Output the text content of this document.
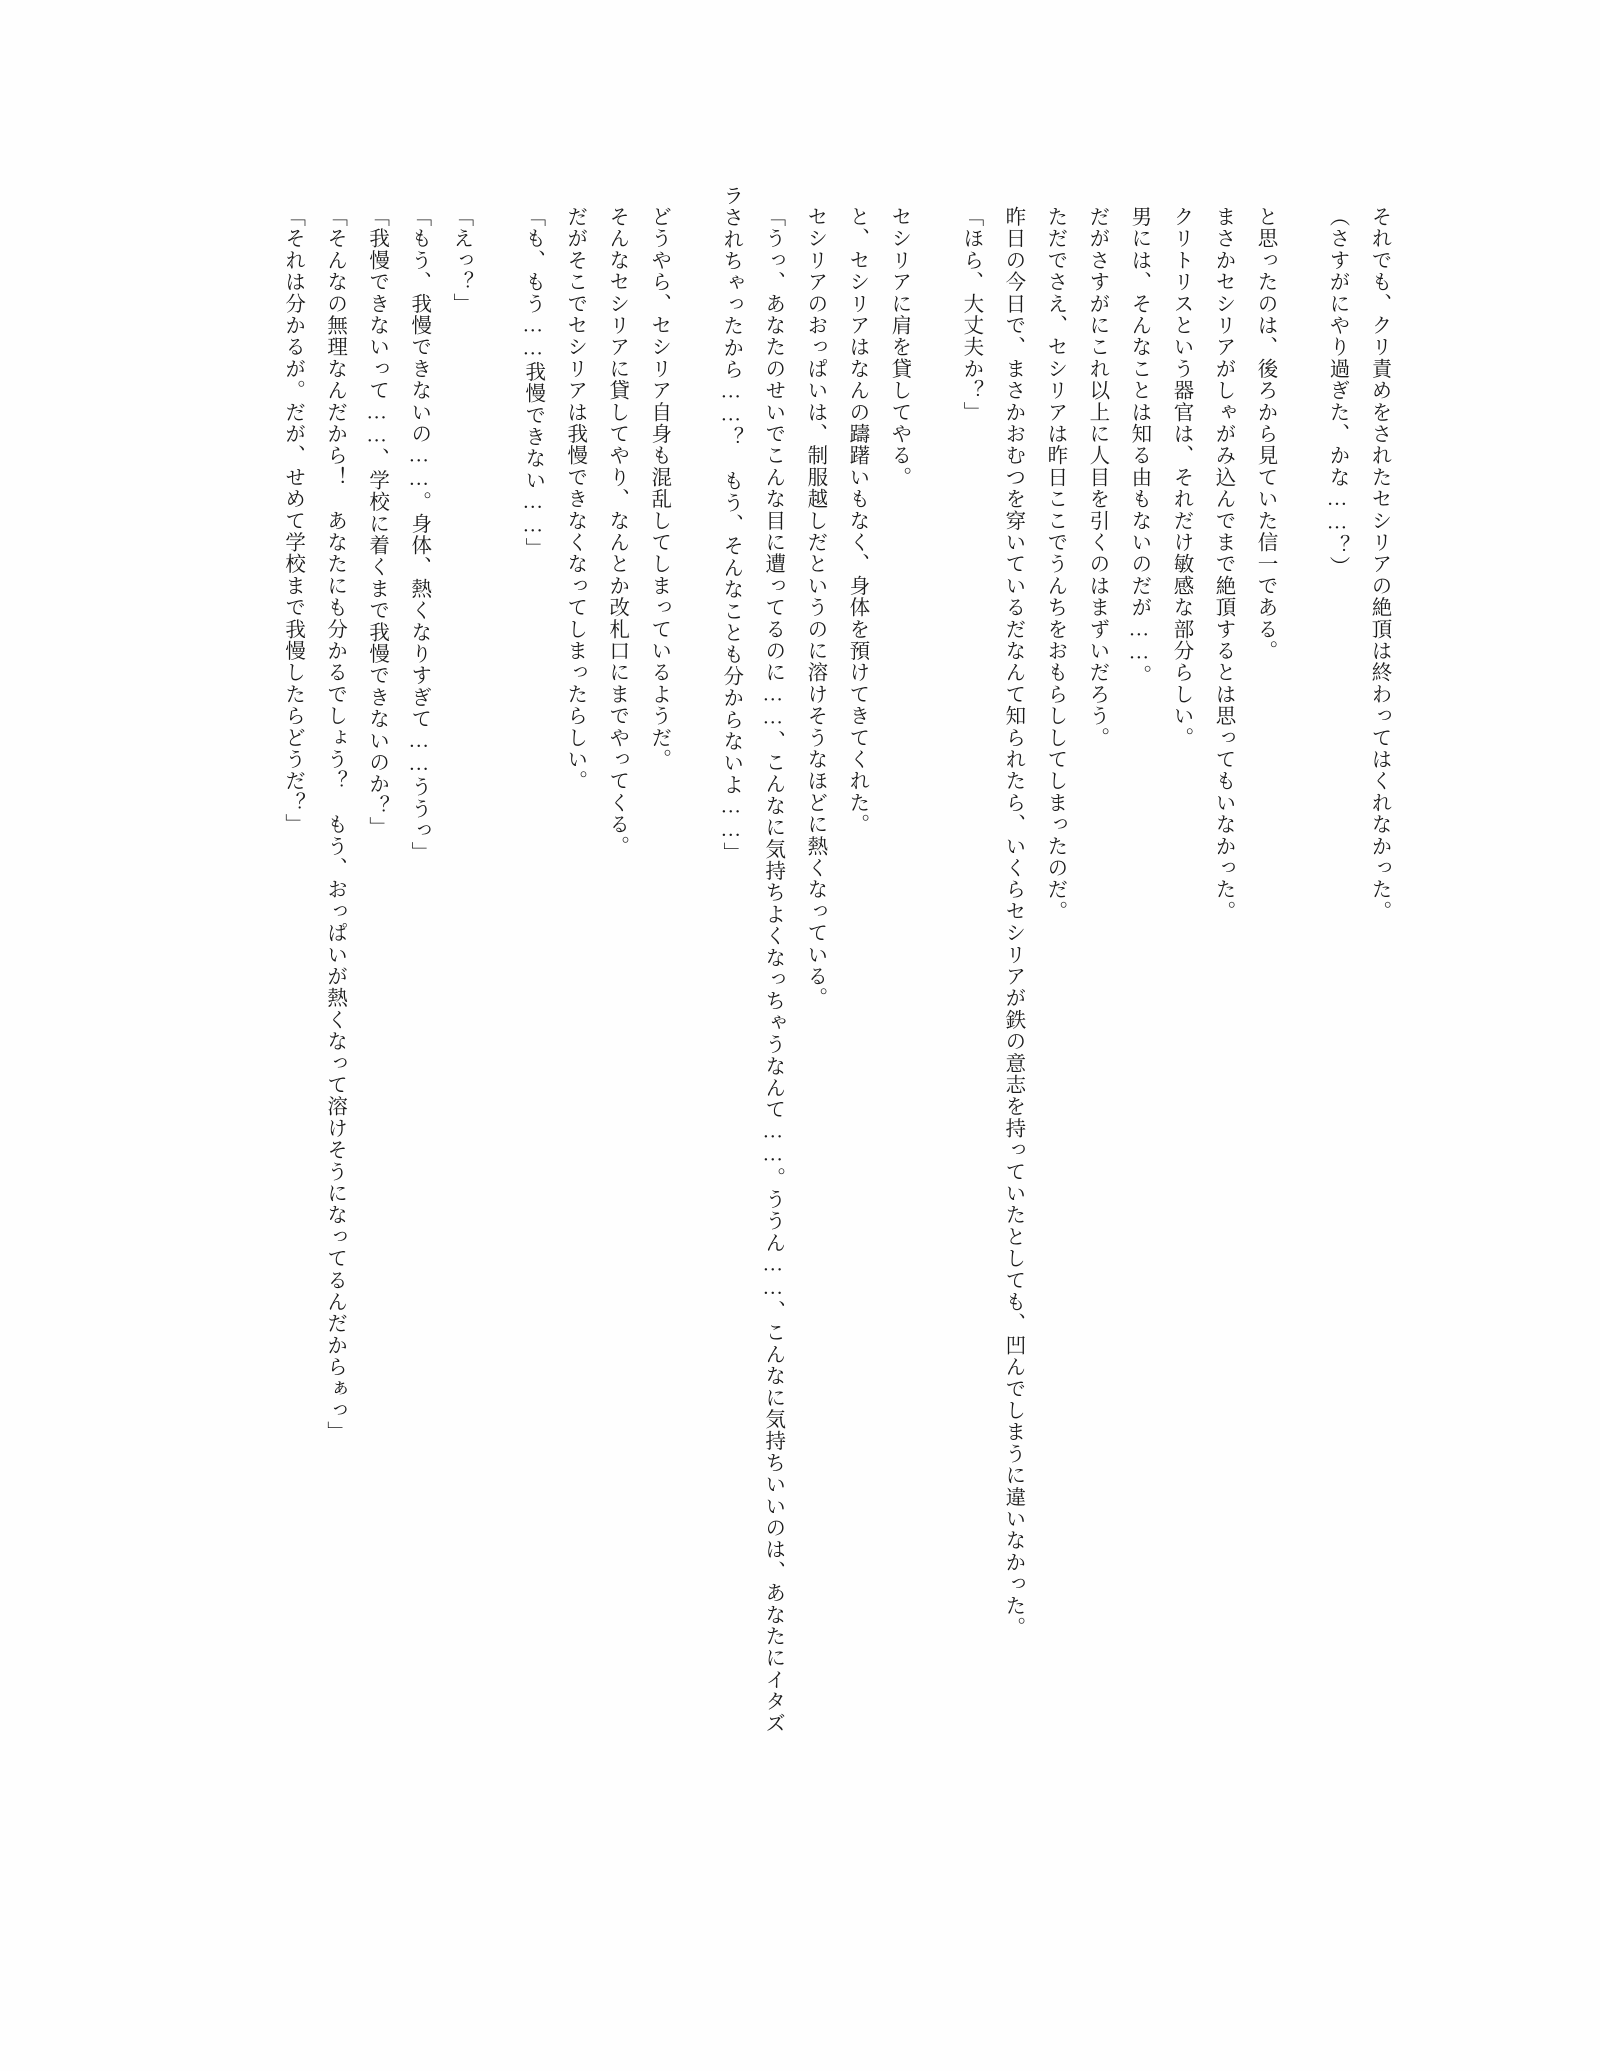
それでも、クリ責めをされたセシリアの絶頂は終わってはくれなかった。

（さすがにやり過ぎた、かな……？）

と思ったのは、後ろから見ていた信一である。

まさかセシリアがしゃがみ込んでまで絶頂するとは思ってもいなかった。

クリトリスという器官は、それだけ敏感な部分らしい。

男には、そんなことは知る由もないのだが……。

だがさすがにこれ以上に人目を引くのはまずいだろう。

ただでさえ、セシリアは昨日ここでうんちをおもらししてしまったのだ。

昨日の今日で、まさかおむつを穿いているだなんて知られたら、いくらセシリアが鉄の意志を持っていたとしても、凹んでしまうに違いなかった。

「ほら、大丈夫か？」

セシリアに肩を貸してやる。

と、セシリアはなんの躊躇いもなく、身体を預けてきてくれた。

セシリアのおっぱいは、制服越しだというのに溶けそうなほどに熱くなっている。

「うっ、あなたのせいでこんな目に遭ってるのに……、こんなに気持ちよくなっちゃうなんて……。ううん……、こんなに気持ちいいのは、あなたにイタズラされちゃったから……？　もう、そんなことも分からないよ……」

どうやら、セシリア自身も混乱してしまっているようだ。

そんなセシリアに貸してやり、なんとか改札口にまでやってくる。

だがそこでセシリアは我慢できなくなってしまったらしい。

「も、もう……我慢できない……」

「えっ？」

「もう、我慢できないの……。身体、熱くなりすぎて……ううっ」

「我慢できないって……、学校に着くまで我慢できないのか？」

「そんなの無理なんだから！　あなたにも分かるでしょう？　もう、おっぱいが熱くなって溶けそうになってるんだからぁっ」

「それは分かるが。だが、せめて学校まで我慢したらどうだ？」
